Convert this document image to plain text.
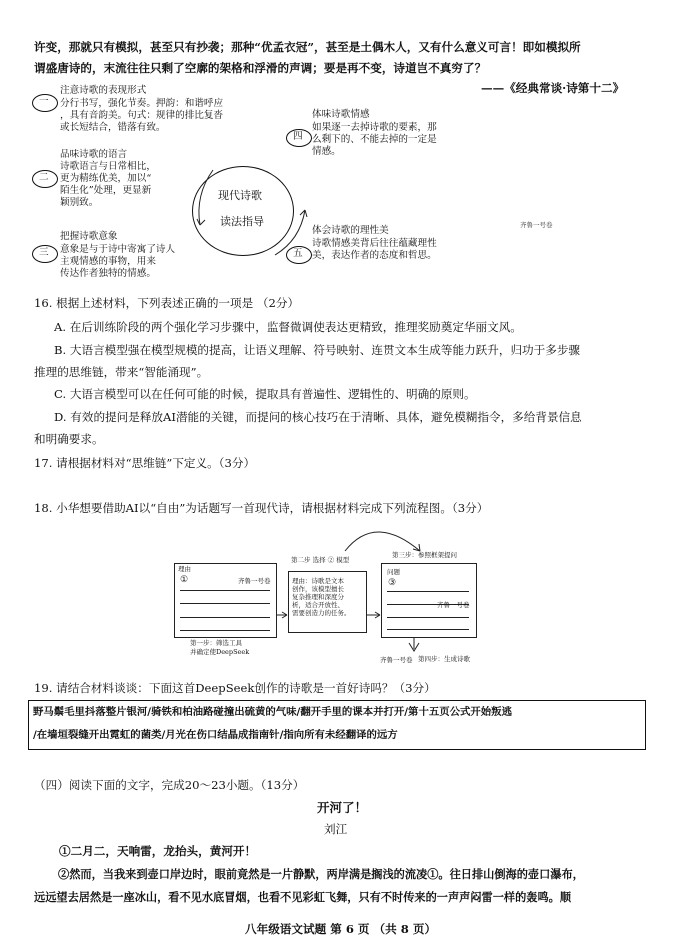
许变，那就只有模拟，甚至只有抄袭；那种“优孟衣冠”，甚至是土偶木人，又有什么意义可言！即如模拟所
谓盛唐诗的，末流往往只剩了空廓的架格和浮滑的声调；要是再不变，诗道岂不真穷了？
——《经典常谈·诗第十二》
现代诗歌
读法指导
一
注意诗歌的表现形式
分行书写，强化节奏。押韵：和谐呼应
，具有音韵美。句式：规律的排比复沓
或长短结合，错落有致。
二
品味诗歌的语言
诗歌语言与日常相比，
更为精练优美，加以“
陌生化”处理，更显新
颖别致。
三
把握诗歌意象
意象是与于诗中寄寓了诗人
主观情感的事物，用来
传达作者独特的情感。
四
体味诗歌情感
如果逐一去掉诗歌的要素，那
么剩下的、不能去掉的一定是
情感。
五
体会诗歌的理性美
诗歌情感美背后往往蕴藏理性
美，表达作者的态度和哲思。
齐鲁一号卷
16. 根据上述材料，下列表述正确的一项是 （2分）
A. 在后训练阶段的两个强化学习步骤中，监督微调使表达更精致，推理奖励奠定华丽文风。
B. 大语言模型强在模型规模的提高，让语义理解、符号映射、连贯文本生成等能力跃升，归功于多步骤
推理的思维链，带来“智能涌现”。
C. 大语言模型可以在任何可能的时候，提取具有普遍性、逻辑性的、明确的原则。
D. 有效的提问是释放AI潜能的关键，而提问的核心技巧在于清晰、具体，避免模糊指令，多给背景信息
和明确要求。
17. 请根据材料对“思维链”下定义。（3分）
18. 小华想要借助AI以“自由”为话题写一首现代诗，请根据材料完成下列流程图。（3分）
理由
①	齐鲁一号卷
第一步：筛选工具
并确定使DeepSeek
第二步 选择 ② 模型
理由：诗歌是文本
创作，该模型擅长
复杂推理和深度分
析，适合开放性、
需要创造力的任务。
第三步：参照框架提问
问题
③
齐鲁一号卷
齐鲁一号卷 第四步：生成诗歌
19. 请结合材料谈谈：下面这首DeepSeek创作的诗歌是一首好诗吗？（3分）
野马鬃毛里抖落整片银河/骑铁和柏油路碰撞出硫黄的气味/翻开手里的课本并打开/第十五页公式开始叛逃
/在墙垣裂缝开出霓虹的菌类/月光在伤口结晶成指南针/指向所有未经翻译的远方
（四）阅读下面的文字，完成20～23小题。（13分）
开河了！
刘江
①二月二，天响雷，龙抬头，黄河开！
②然而，当我来到壶口岸边时，眼前竟然是一片静默，两岸满是搁浅的流凌①。往日排山倒海的壶口瀑布，
远远望去居然是一座冰山，看不见水底冒烟，也看不见彩虹飞舞，只有不时传来的一声声闷雷一样的轰鸣。顺
八年级语文试题 第 6 页 （共 8 页）
